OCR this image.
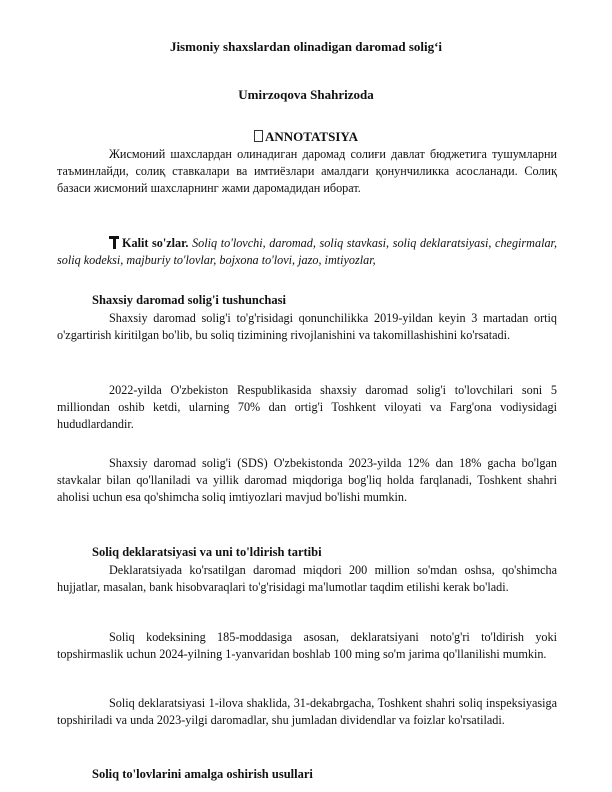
Jismoniy shaxslardan olinadigan daromad solig‘i
Umirzoqova Shahrizoda
ANNOTATSIYA

Жисмоний шахслардан олинадиган даромад солиғи давлат бюджетига тушумларни таъминлайди, солиқ ставкалари ва имтиёзлари амалдаги қонунчиликка асосланади. Солиқ базаси жисмоний шахсларнинг жами даромадидан иборат.

Kalit so'zlar. Soliq to'lovchi, daromad, soliq stavkasi, soliq deklaratsiyasi, chegirmalar, soliq kodeksi, majburiy to'lovlar, bojxona to'lovi, jazo, imtiyozlar,

Shaxsiy daromad solig'i tushunchasi

Shaxsiy daromad solig'i to'g'risidagi qonunchilikka 2019-yildan keyin 3 martadan ortiq o'zgartirish kiritilgan bo'lib, bu soliq tizimining rivojlanishini va takomillashishini ko'rsatadi.

2022-yilda O'zbekiston Respublikasida shaxsiy daromad solig'i to'lovchilari soni 5 milliondan oshib ketdi, ularning 70% dan ortig'i Toshkent viloyati va Farg'ona vodiysidagi hududlardandir.

Shaxsiy daromad solig'i (SDS) O'zbekistonda 2023-yilda 12% dan 18% gacha bo'lgan stavkalar bilan qo'llaniladi va yillik daromad miqdoriga bog'liq holda farqlanadi, Toshkent shahri aholisi uchun esa qo'shimcha soliq imtiyozlari mavjud bo'lishi mumkin.

Soliq deklaratsiyasi va uni to'ldirish tartibi

Deklaratsiyada ko'rsatilgan daromad miqdori 200 million so'mdan oshsa, qo'shimcha hujjatlar, masalan, bank hisobvaraqlari to'g'risidagi ma'lumotlar taqdim etilishi kerak bo'ladi.

Soliq kodeksining 185-moddasiga asosan, deklaratsiyani noto'g'ri to'ldirish yoki topshirmaslik uchun 2024-yilning 1-yanvaridan boshlab 100 ming so'm jarima qo'llanilishi mumkin.

Soliq deklaratsiyasi 1-ilova shaklida, 31-dekabrgacha, Toshkent shahri soliq inspeksiyasiga topshiriladi va unda 2023-yilgi daromadlar, shu jumladan dividendlar va foizlar ko'rsatiladi.

Soliq to'lovlarini amalga oshirish usullari
